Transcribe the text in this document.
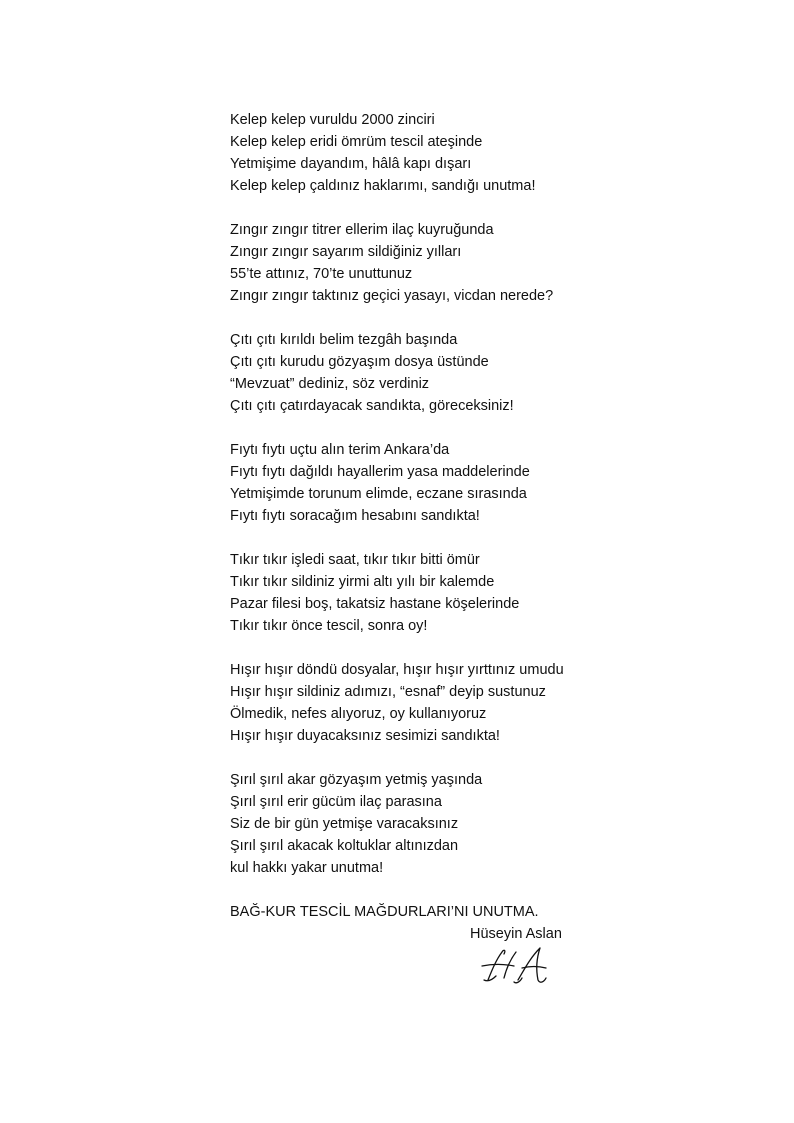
Kelep kelep vuruldu 2000 zinciri
Kelep kelep eridi ömrüm tescil ateşinde
Yetmişime dayandım, hâlâ kapı dışarı
Kelep kelep çaldınız haklarımı, sandığı unutma!
Zıngır zıngır titrer ellerim ilaç kuyruğunda
Zıngır zıngır sayarım sildiğiniz yılları
55’te attınız, 70’te unuttunuz
Zıngır zıngır taktınız geçici yasayı, vicdan nerede?
Çıtı çıtı kırıldı belim tezgâh başında
Çıtı çıtı kurudu gözyaşım dosya üstünde
“Mevzuat” dediniz, söz verdiniz
Çıtı çıtı çatırdayacak sandıkta, göreceksiniz!
Fıytı fıytı uçtu alın terim Ankara’da
Fıytı fıytı dağıldı hayallerim yasa maddelerinde
Yetmişimde torunum elimde, eczane sırasında
Fıytı fıytı soracağım hesabını sandıkta!
Tıkır tıkır işledi saat, tıkır tıkır bitti ömür
Tıkır tıkır sildiniz yirmi altı yılı bir kalemde
Pazar filesi boş, takatsiz hastane köşelerinde
Tıkır tıkır önce tescil, sonra oy!
Hışır hışır döndü dosyalar, hışır hışır yırttınız umudu
Hışır hışır sildiniz adımızı, “esnaf” deyip sustunuz
Ölmedik, nefes alıyoruz, oy kullanıyoruz
Hışır hışır duyacaksınız sesimizi sandıkta!
Şırıl şırıl akar gözyaşım yetmiş yaşında
Şırıl şırıl erir gücüm ilaç parasına
Siz de bir gün yetmişe varacaksınız
Şırıl şırıl akacak koltuklar altınızdan
kul hakkı yakar unutma!
BAĞ-KUR TESCİL MAĞDURLARI’NI UNUTMA.
Hüseyin Aslan
